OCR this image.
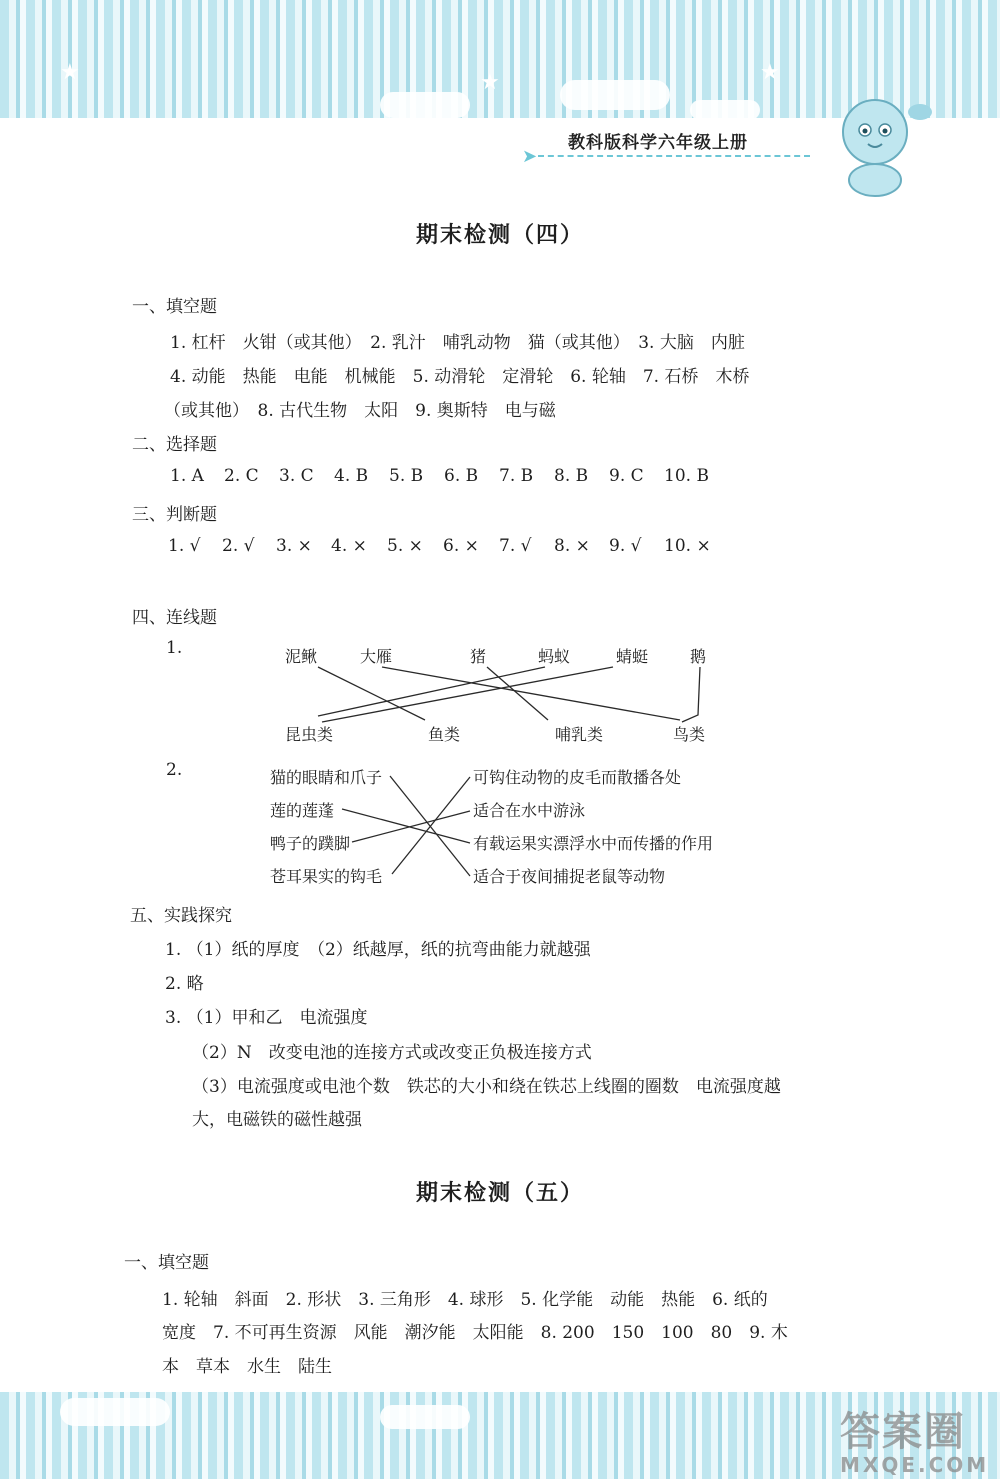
★	★	★
教科版科学六年级上册
➤
期末检测（四）
一、填空题
1. 杠杆　火钳（或其他）　2. 乳汁　哺乳动物　猫（或其他）　3. 大脑　内脏
4. 动能　热能　电能　机械能　5. 动滑轮　定滑轮　6. 轮轴　7. 石桥　木桥
（或其他）　8. 古代生物　太阳　9. 奥斯特　电与磁
二、选择题
1. A 2. C 3. C 4. B 5. B 6. B 7. B 8. B 9. C 10. B
三、判断题
1. √ 2. √ 3. × 4. × 5. × 6. × 7. √ 8. × 9. √ 10. ×
四、连线题
1.	泥鳅	大雁	猪	蚂蚁	蜻蜓	鹅
昆虫类	鱼类	哺乳类	鸟类
2.	猫的眼睛和爪子
莲的莲蓬
鸭子的蹼脚
苍耳果实的钩毛
可钩住动物的皮毛而散播各处
适合在水中游泳
有载运果实漂浮水中而传播的作用
适合于夜间捕捉老鼠等动物
五、实践探究
1. （1）纸的厚度　（2）纸越厚，纸的抗弯曲能力就越强
2. 略
3. （1）甲和乙　电流强度
（2）N　改变电池的连接方式或改变正负极连接方式
（3）电流强度或电池个数　铁芯的大小和绕在铁芯上线圈的圈数　电流强度越
大，电磁铁的磁性越强
期末检测（五）
一、填空题
1. 轮轴　斜面　2. 形状　3. 三角形　4. 球形　5. 化学能　动能　热能　6. 纸的
宽度　7. 不可再生资源　风能　潮汐能　太阳能　8. 200　150　100　80　9. 木
本　草本　水生　陆生
答案圈
MXQE.COM
